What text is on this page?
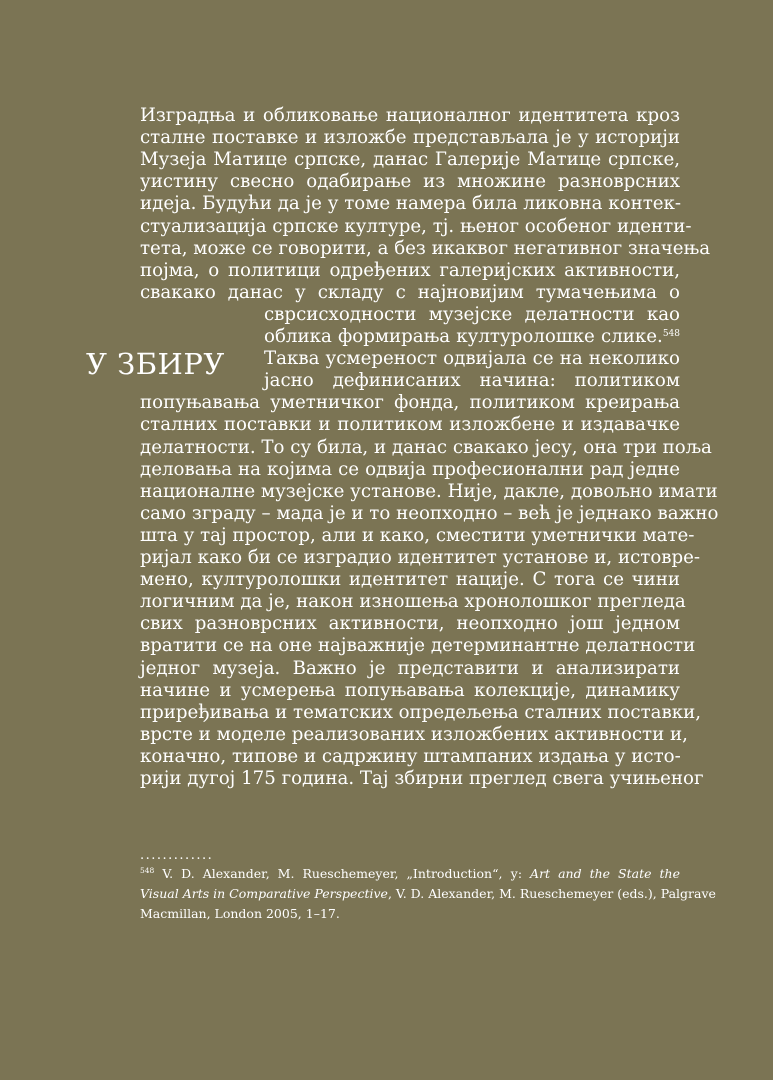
Изградња и обликовање националног идентитета кроз
сталне поставке и изложбе представљала је у историји
Музеја Матице српске, данас Галерије Матице српске,
уистину свесно одабирање из множине разноврсних
идеја. Будући да је у томе намера била ликовна контек-
стуализација српске културе, тј. њеног особеног иденти-
тета, може се говорити, а без икаквог негативног значења
појма, о политици одређених галеријских активности,
свакако данас у складу с најновијим тумачењима о
сврсисходности музејске делатности као
облика формирања културолошке слике.$^{548}$
Таква усмереност одвијала се на неколико
јасно дефинисаних начина: политиком
попуњавања уметничког фонда, политиком креирања
сталних поставки и политиком изложбене и издавачке
делатности. То су била, и данас свакако јесу, она три поља
деловања на којима се одвија професионални рад једне
националне музејске установе. Није, дакле, довољно имати
само зграду – мада је и то неопходно – већ је једнако важно
шта у тај простор, али и како, сместити уметнички мате-
ријал како би се изградио идентитет установе и, истовре-
мено, културолошки идентитет нације. С тога се чини
логичним да је, након изношења хронолошког прегледа
свих разноврсних активности, неопходно још једном
вратити се на оне најважније детерминантне делатности
једног музеја. Важно је представити и анализирати
начине и усмерења попуњавања колекције, динамику
приређивања и тематских опредељења сталних поставки,
врсте и моделе реализованих изложбених активности и,
коначно, типове и садржину штампаних издања у исто-
рији дугој 175 година. Тај збирни преглед свега учињеног
У ЗБИРУ
.............
$^{548}$ V. D. Alexander, M. Rueschemeyer, „Introduction“, у: Art and the State the
Visual Arts in Comparative Perspective, V. D. Alexander, M. Rueschemeyer (eds.), Palgrave
Macmillan, London 2005, 1–17.
